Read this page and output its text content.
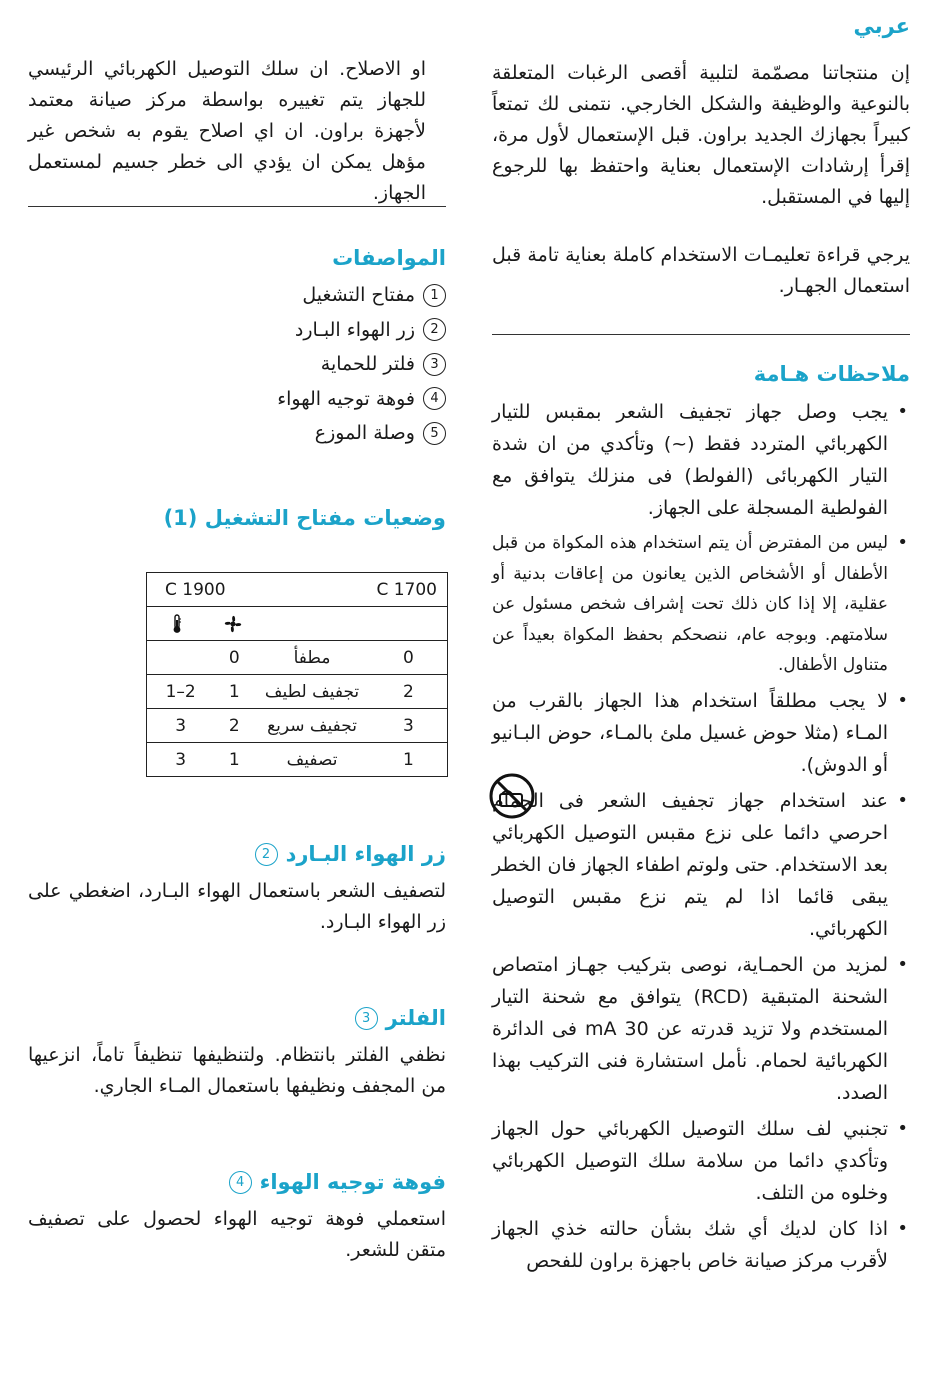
عربي

إن منتجاتنا مصمّمة لتلبية أقصى الرغبات المتعلقة بالنوعية والوظيفة والشكل الخارجي. نتمنى لك تمتعاً كبيراً بجهازك الجديد براون. قبل الإستعمال لأول مرة، إقرأ إرشادات الإستعمال بعناية واحتفظ بها للرجوع إليها في المستقبل.

يرجي قراءة تعليمـات الاستخدام كاملة بعناية تامة قبل استعمال الجهـار.

ملاحظات هـامة
• يجب وصل جهاز تجفيف الشعر بمقبس للتيار الكهربائي المتردد فقط (~) وتأكدي من ان شدة التيار الكهربائى (الفولط) فى منزلك يتوافق مع الفولطية المسجلة على الجهاز.
• ليس من المفترض أن يتم استخدام هذه المكواة من قبل الأطفال أو الأشخاص الذين يعانون من إعاقات بدنية أو عقلية، إلا إذا كان ذلك تحت إشراف شخص مسئول عن سلامتهم. وبوجه عام، ننصحكم بحفظ المكواة بعيداً عن متناول الأطفال.
• لا يجب مطلقاً استخدام هذا الجهاز بالقرب من المـاء (مثلا حوض غسيل ملئ بالمـاء، حوض البـانيو أو الدوش).
• عند استخدام جهاز تجفيف الشعر فى الحمام احرصي دائما على نزع مقبس التوصيل الكهربائي بعد الاستخدام. حتى ولوتم اطفاء الجهاز فان الخطر يبقى قائما اذا لم يتم نزع مقبس التوصيل الكهربائي.
• لمزيد من الحمـاية، نوصى بتركيب جهـاز امتصاص الشحنة المتبقية (RCD) يتوافق مع شحنة التيار المستخدم ولا تزيد قدرته عن 30 mA فى الدائرة الكهربائية لحمام. نأمل استشارة فنى التركيب بهذا الصدد.
• تجنبي لف سلك التوصيل الكهربائي حول الجهاز وتأكدي دائما من سلامة سلك التوصيل الكهربائي وخلوه من التلف.
• اذا كان لديك أي شك بشأن حالته خذي الجهاز لأقرب مركز صيانة خاص باجهزة براون للفحص

او الاصلاح. ان سلك التوصيل الكهربائي الرئيسي للجهاز يتم تغييره بواسطة مركز صيانة معتمد لأجهزة براون. ان اي اصلاح يقوم به شخص غير مؤهل يمكن ان يؤدي الى خطر جسيم لمستعمل الجهاز.

المواصفات
1
مفتاح التشغيل
2
زر الهواء البـارد
3
فلتر للحماية
4
فوهة توجيه الهواء
5
وصلة الموزع
وضعيات مفتاح التشغيل (1)
زر الهواء البـارد
2

لتصفيف الشعر باستعمال الهواء البـارد، اضغطي على زر الهواء البـارد.

الفلتر
3

نظفي الفلتر بانتظام. ولتنظيفها تنظيفاً تاماً، انزعيها من المجفف ونظيفها باستعمال المـاء الجاري.

فوهة توجيه الهواء
4

استعملي فوهة توجيه الهواء لحصول على تصفيف متقن للشعر.

C 1900		C 1700	

	0	مطفأ	0
1–2	1	تجفيف لطيف	2
3	2	تجفيف سريع	3
3	1	تصفيف	1
